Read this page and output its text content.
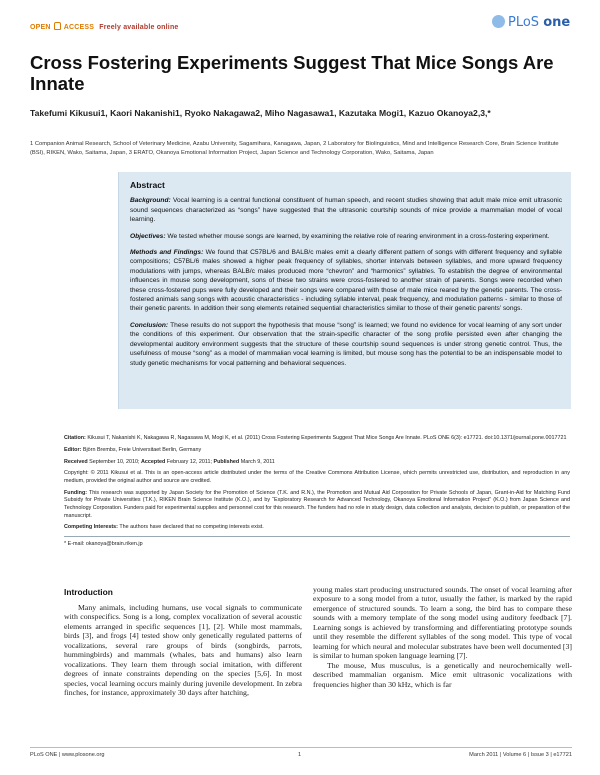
OPEN ACCESS Freely available online	PLoS one
Cross Fostering Experiments Suggest That Mice Songs Are Innate
Takefumi Kikusui1, Kaori Nakanishi1, Ryoko Nakagawa2, Miho Nagasawa1, Kazutaka Mogi1, Kazuo Okanoya2,3,*
1 Companion Animal Research, School of Veterinary Medicine, Azabu University, Sagamihara, Kanagawa, Japan, 2 Laboratory for Biolinguistics, Mind and Intelligence Research Core, Brain Science Institute (BSI), RIKEN, Wako, Saitama, Japan, 3 ERATO, Okanoya Emotional Information Project, Japan Science and Technology Corporation, Wako, Saitama, Japan
Abstract

Background: Vocal learning is a central functional constituent of human speech, and recent studies showing that adult male mice emit ultrasonic sound sequences characterized as “songs” have suggested that the ultrasonic courtship sounds of mice provide a mammalian model of vocal learning.

Objectives: We tested whether mouse songs are learned, by examining the relative role of rearing environment in a cross-fostering experiment.

Methods and Findings: We found that C57BL/6 and BALB/c males emit a clearly different pattern of songs with different frequency and syllable compositions; C57BL/6 males showed a higher peak frequency of syllables, shorter intervals between syllables, and more upward frequency modulations with jumps, whereas BALB/c males produced more “chevron” and “harmonics” syllables. To establish the degree of environmental influences in mouse song development, sons of these two strains were cross-fostered to another strain of parents. Songs were recorded when these cross-fostered pups were fully developed and their songs were compared with those of male mice reared by the genetic parents. The cross-fostered animals sang songs with acoustic characteristics - including syllable interval, peak frequency, and modulation patterns - similar to those of their genetic parents. In addition their song elements retained sequential characteristics similar to those of their genetic parents’ songs.

Conclusion: These results do not support the hypothesis that mouse “song” is learned; we found no evidence for vocal learning of any sort under the conditions of this experiment. Our observation that the strain-specific character of the song profile persisted even after changing the developmental auditory environment suggests that the structure of these courtship sound sequences is under strong genetic control. Thus, the usefulness of mouse “song” as a model of mammalian vocal learning is limited, but mouse song has the potential to be an indispensable model to study genetic mechanisms for vocal patterning and behavioral sequences.

Citation: Kikusui T, Nakanishi K, Nakagawa R, Nagasawa M, Mogi K, et al. (2011) Cross Fostering Experiments Suggest That Mice Songs Are Innate. PLoS ONE 6(3): e17721. doi:10.1371/journal.pone.0017721

Editor: Björn Brembs, Freie Universitaet Berlin, Germany

Received September 10, 2010; Accepted February 12, 2011; Published March 9, 2011

Copyright: © 2011 Kikusui et al. This is an open-access article distributed under the terms of the Creative Commons Attribution License, which permits unrestricted use, distribution, and reproduction in any medium, provided the original author and source are credited.

Funding: This research was supported by Japan Society for the Promotion of Science (T.K. and R.N.), the Promotion and Mutual Aid Corporation for Private Schools of Japan, Grant-in-Aid for Matching Fund Subsidy for Private Universities (T.K.), RIKEN Brain Science Institute (K.O.), and by “Exploratory Research for Advanced Technology, Okanoya Emotional Information Project” (K.O.) from Japan Science and Technology Corporation. Funders paid for experimental supplies and personnel cost for this research. The funders had no role in study design, data collection and analysis, decision to publish, or preparation of the manuscript.

Competing Interests: The authors have declared that no competing interests exist.

* E-mail: okanoya@brain.riken.jp

Introduction
Many animals, including humans, use vocal signals to communicate with conspecifics. Song is a long, complex vocalization of several acoustic elements arranged in specific sequences [1], [2]. While most mammals, birds [3], and frogs [4] tested show only genetically regulated patterns of vocalizations, several rare groups of birds (songbirds, parrots, hummingbirds) and mammals (whales, bats and humans) also learn vocalizations. They learn them through social imitation, with different degrees of innate constraints depending on the species [5,6]. In most species, vocal learning occurs mainly during juvenile development. In zebra finches, for instance, approximately 30 days after hatching,

young males start producing unstructured sounds. The onset of vocal learning after exposure to a song model from a tutor, usually the father, is marked by the rapid emergence of structured sounds. To learn a song, the bird has to compare these sounds with a memory template of the song model using auditory feedback [7]. Learning songs is achieved by transforming and differentiating prototype sounds until they resemble the different syllables of the song model. This type of vocal learning for which neural and molecular substrates have been well documented [3] is similar to human spoken language learning [7].

The mouse, Mus musculus, is a genetically and neurochemically well-described mammalian organism. Mice emit ultrasonic vocalizations with frequencies higher than 30 kHz, which is far

PLoS ONE | www.plosone.org	1	March 2011 | Volume 6 | Issue 3 | e17721
